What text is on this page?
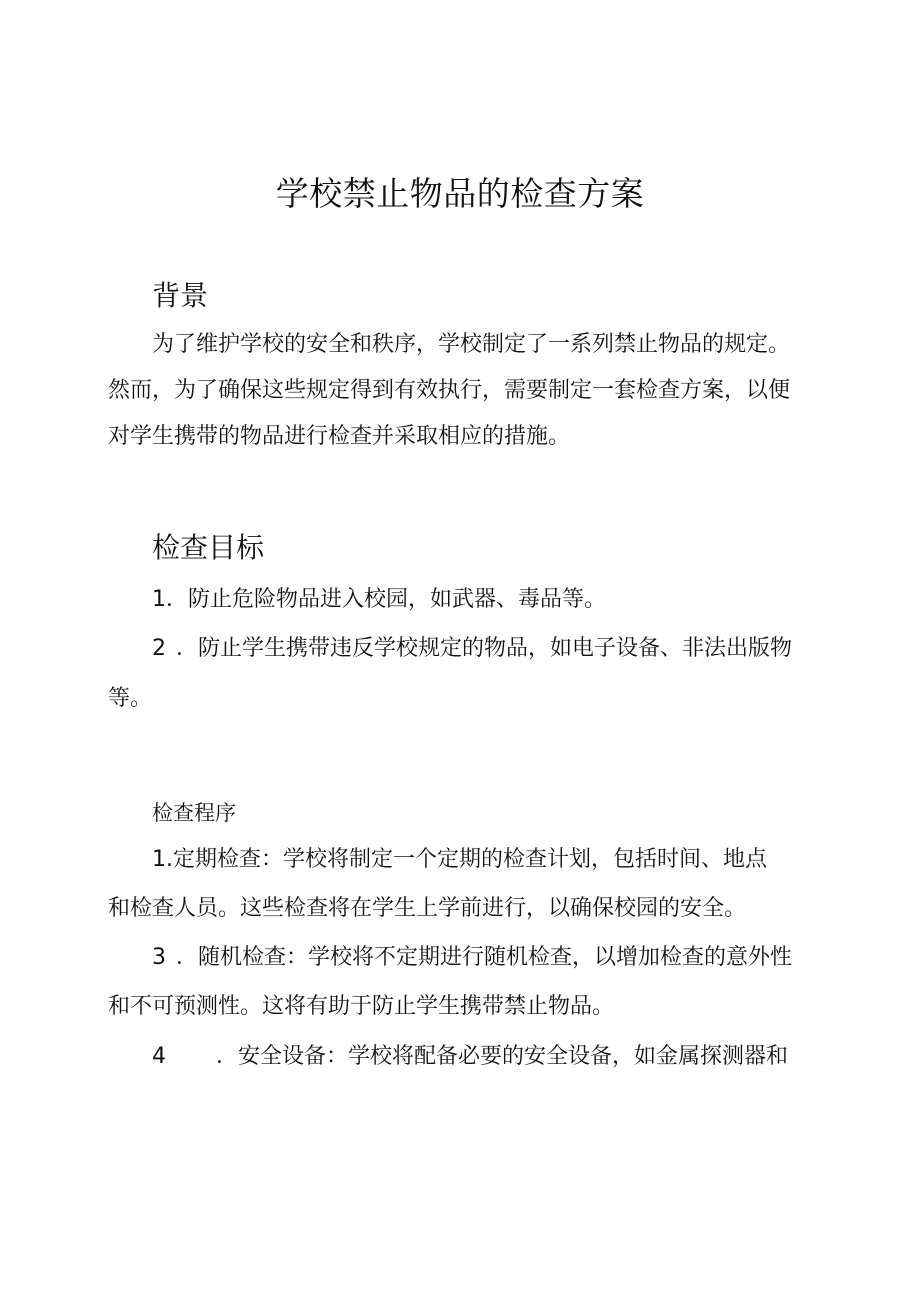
学校禁止物品的检查方案
背景
为了维护学校的安全和秩序，学校制定了一系列禁止物品的规定。
然而，为了确保这些规定得到有效执行，需要制定一套检查方案，以便
对学生携带的物品进行检查并采取相应的措施。
检查目标
1．防止危险物品进入校园，如武器、毒品等。
2 ．防止学生携带违反学校规定的物品，如电子设备、非法出版物
等。
检查程序
1.定期检查：学校将制定一个定期的检查计划，包括时间、地点
和检查人员。这些检查将在学生上学前进行，以确保校园的安全。
3 ．随机检查：学校将不定期进行随机检查，以增加检查的意外性
和不可预测性。这将有助于防止学生携带禁止物品。
4 ．安全设备：学校将配备必要的安全设备，如金属探测器和
